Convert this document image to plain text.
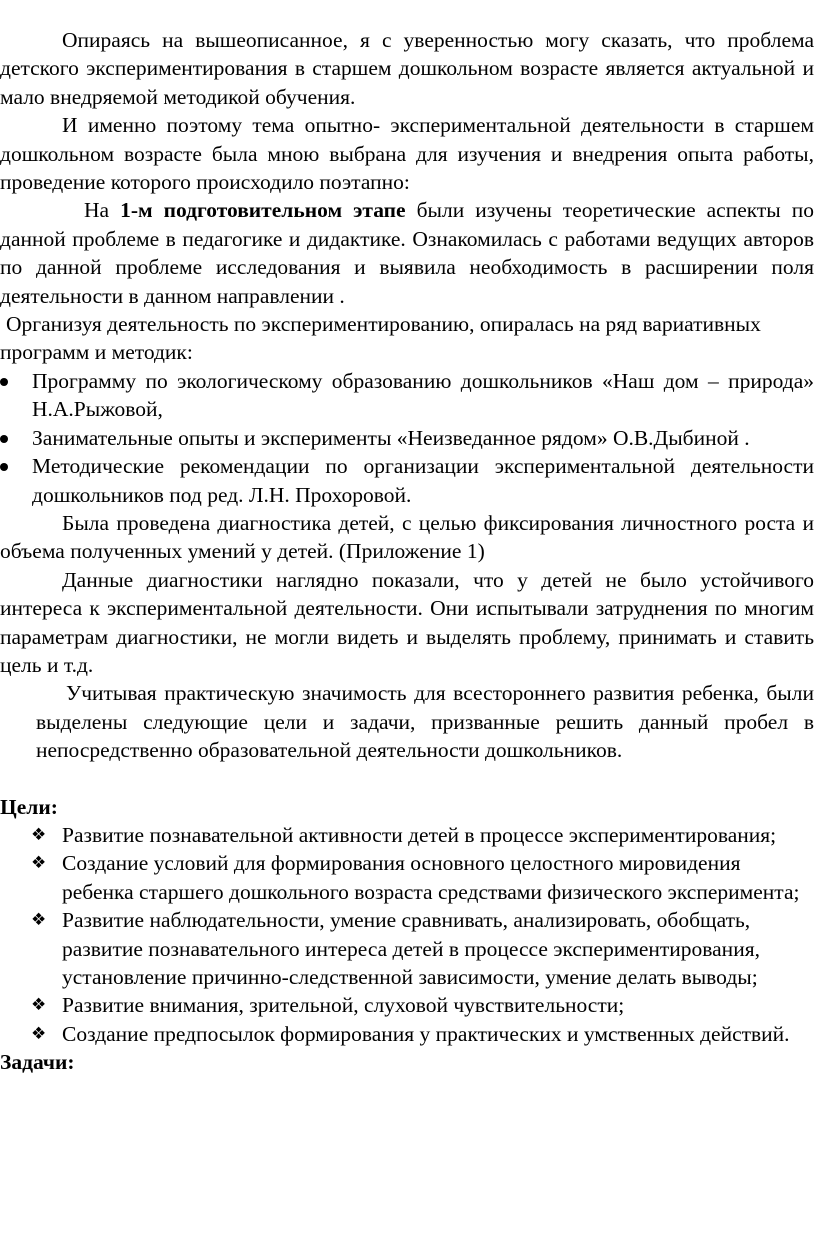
Опираясь на вышеописанное, я с уверенностью могу сказать, что проблема детского экспериментирования в старшем дошкольном возрасте является актуальной и мало внедряемой методикой обучения.

И именно поэтому тема опытно- экспериментальной деятельности в старшем дошкольном возрасте была мною выбрана для изучения и внедрения опыта работы, проведение которого происходило поэтапно:

На 1-м подготовительном этапе были изучены теоретические аспекты по данной проблеме в педагогике и дидактике. Ознакомилась с работами ведущих авторов по данной проблеме исследования и выявила необходимость в расширении поля деятельности в данном направлении .

Организуя деятельность по экспериментированию, опиралась на ряд вариативных программ и методик:

Программу по экологическому образованию дошкольников «Наш дом – природа» Н.А.Рыжовой,
Занимательные опыты и эксперименты «Неизведанное рядом» О.В.Дыбиной .
Методические рекомендации по организации экспериментальной деятельности дошкольников под ред. Л.Н. Прохоровой.

Была проведена диагностика детей, с целью фиксирования личностного роста и объема полученных умений у детей. (Приложение 1)

Данные диагностики наглядно показали, что у детей не было устойчивого интереса к экспериментальной деятельности. Они испытывали затруднения по многим параметрам диагностики, не могли видеть и выделять проблему, принимать и ставить цель и т.д.

Учитывая практическую значимость для всестороннего развития ребенка, были выделены следующие цели и задачи, призванные решить данный пробел в непосредственно образовательной деятельности дошкольников.

Цели:

❖ Развитие познавательной активности детей в процессе экспериментирования;
❖ Создание условий для формирования основного целостного мировидения ребенка старшего дошкольного возраста средствами физического эксперимента;
❖ Развитие наблюдательности, умение сравнивать, анализировать, обобщать, развитие познавательного интереса детей в процессе экспериментирования, установление причинно-следственной зависимости, умение делать выводы;
❖ Развитие внимания, зрительной, слуховой чувствительности;
❖ Создание предпосылок формирования у практических и умственных действий.

Задачи:
